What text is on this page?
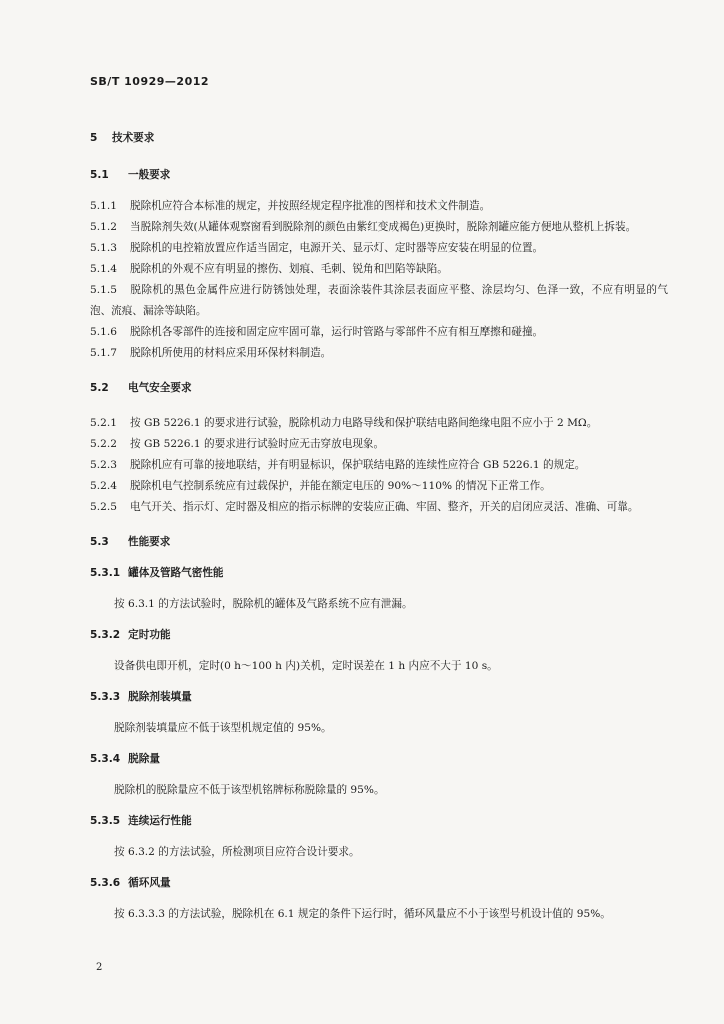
SB/T 10929—2012
5 技术要求
5.1 一般要求
5.1.1 脱除机应符合本标准的规定，并按照经规定程序批准的图样和技术文件制造。
5.1.2 当脱除剂失效(从罐体观察窗看到脱除剂的颜色由紫红变成褐色)更换时，脱除剂罐应能方便地从整机上拆装。
5.1.3 脱除机的电控箱放置应作适当固定，电源开关、显示灯、定时器等应安装在明显的位置。
5.1.4 脱除机的外观不应有明显的擦伤、划痕、毛刺、锐角和凹陷等缺陷。
5.1.5 脱除机的黑色金属件应进行防锈蚀处理，表面涂装件其涂层表面应平整、涂层均匀、色泽一致，不应有明显的气泡、流痕、漏涂等缺陷。
5.1.6 脱除机各零部件的连接和固定应牢固可靠，运行时管路与零部件不应有相互摩擦和碰撞。
5.1.7 脱除机所使用的材料应采用环保材料制造。
5.2 电气安全要求
5.2.1 按 GB 5226.1 的要求进行试验，脱除机动力电路导线和保护联结电路间绝缘电阻不应小于 2 MΩ。
5.2.2 按 GB 5226.1 的要求进行试验时应无击穿放电现象。
5.2.3 脱除机应有可靠的接地联结，并有明显标识，保护联结电路的连续性应符合 GB 5226.1 的规定。
5.2.4 脱除机电气控制系统应有过载保护，并能在额定电压的 90%～110% 的情况下正常工作。
5.2.5 电气开关、指示灯、定时器及相应的指示标牌的安装应正确、牢固、整齐，开关的启闭应灵活、准确、可靠。
5.3 性能要求
5.3.1 罐体及管路气密性能
按 6.3.1 的方法试验时，脱除机的罐体及气路系统不应有泄漏。
5.3.2 定时功能
设备供电即开机，定时(0 h～100 h 内)关机，定时误差在 1 h 内应不大于 10 s。
5.3.3 脱除剂装填量
脱除剂装填量应不低于该型机规定值的 95%。
5.3.4 脱除量
脱除机的脱除量应不低于该型机铭牌标称脱除量的 95%。
5.3.5 连续运行性能
按 6.3.2 的方法试验，所检测项目应符合设计要求。
5.3.6 循环风量
按 6.3.3.3 的方法试验，脱除机在 6.1 规定的条件下运行时，循环风量应不小于该型号机设计值的 95%。
2
